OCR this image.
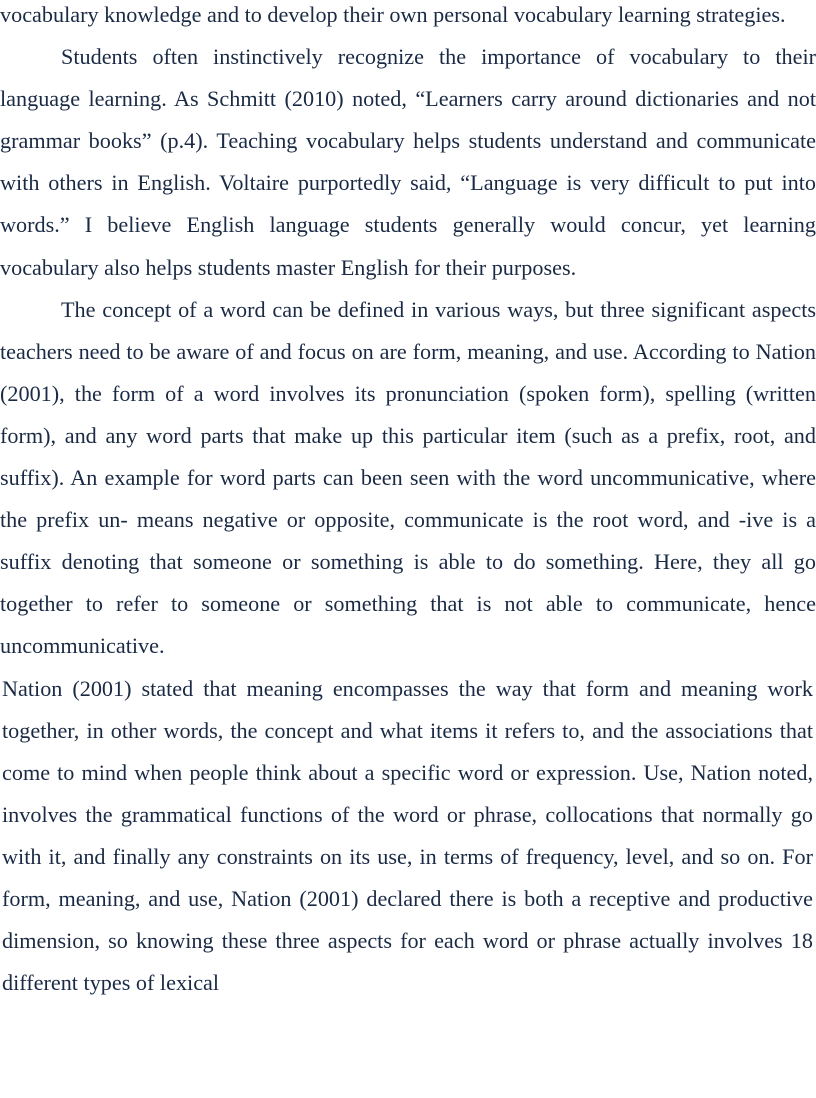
vocabulary knowledge and to develop their own personal vocabulary learning strategies.

Students often instinctively recognize the importance of vocabulary to their language learning. As Schmitt (2010) noted, “Learners carry around dictionaries and not grammar books” (p.4). Teaching vocabulary helps students understand and communicate with others in English. Voltaire purportedly said, “Language is very difficult to put into words.” I believe English language students generally would concur, yet learning vocabulary also helps students master English for their purposes.

The concept of a word can be defined in various ways, but three significant aspects teachers need to be aware of and focus on are form, meaning, and use. According to Nation (2001), the form of a word involves its pronunciation (spoken form), spelling (written form), and any word parts that make up this particular item (such as a prefix, root, and suffix). An example for word parts can been seen with the word uncommunicative, where the prefix un- means negative or opposite, communicate is the root word, and -ive is a suffix denoting that someone or something is able to do something. Here, they all go together to refer to someone or something that is not able to communicate, hence uncommunicative.

Nation (2001) stated that meaning encompasses the way that form and meaning work together, in other words, the concept and what items it refers to, and the associations that come to mind when people think about a specific word or expression. Use, Nation noted, involves the grammatical functions of the word or phrase, collocations that normally go with it, and finally any constraints on its use, in terms of frequency, level, and so on. For form, meaning, and use, Nation (2001) declared there is both a receptive and productive dimension, so knowing these three aspects for each word or phrase actually involves 18 different types of lexical
